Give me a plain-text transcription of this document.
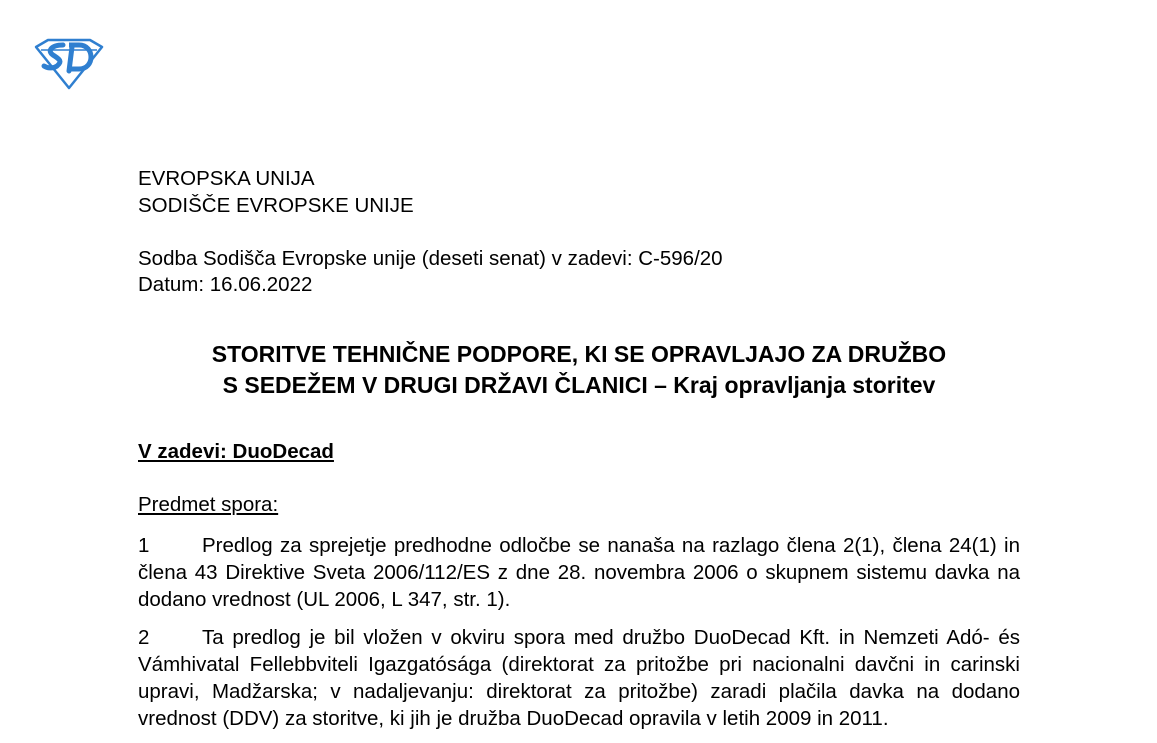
EVROPSKA UNIJA
SODIŠČE EVROPSKE UNIJE
Sodba Sodišča Evropske unije (deseti senat) v zadevi: C-596/20
Datum: 16.06.2022
STORITVE TEHNIČNE PODPORE, KI SE OPRAVLJAJO ZA DRUŽBO
S SEDEŽEM V DRUGI DRŽAVI ČLANICI – Kraj opravljanja storitev
V zadevi: DuoDecad
Predmet spora:
1	Predlog za sprejetje predhodne odločbe se nanaša na razlago člena 2(1), člena 24(1) in člena 43 Direktive Sveta 2006/112/ES z dne 28. novembra 2006 o skupnem sistemu davka na dodano vrednost (UL 2006, L 347, str. 1).
2	Ta predlog je bil vložen v okviru spora med družbo DuoDecad Kft. in Nemzeti Adó- és Vámhivatal Fellebbviteli Igazgatósága (direktorat za pritožbe pri nacionalni davčni in carinski upravi, Madžarska; v nadaljevanju: direktorat za pritožbe) zaradi plačila davka na dodano vrednost (DDV) za storitve, ki jih je družba DuoDecad opravila v letih 2009 in 2011.
